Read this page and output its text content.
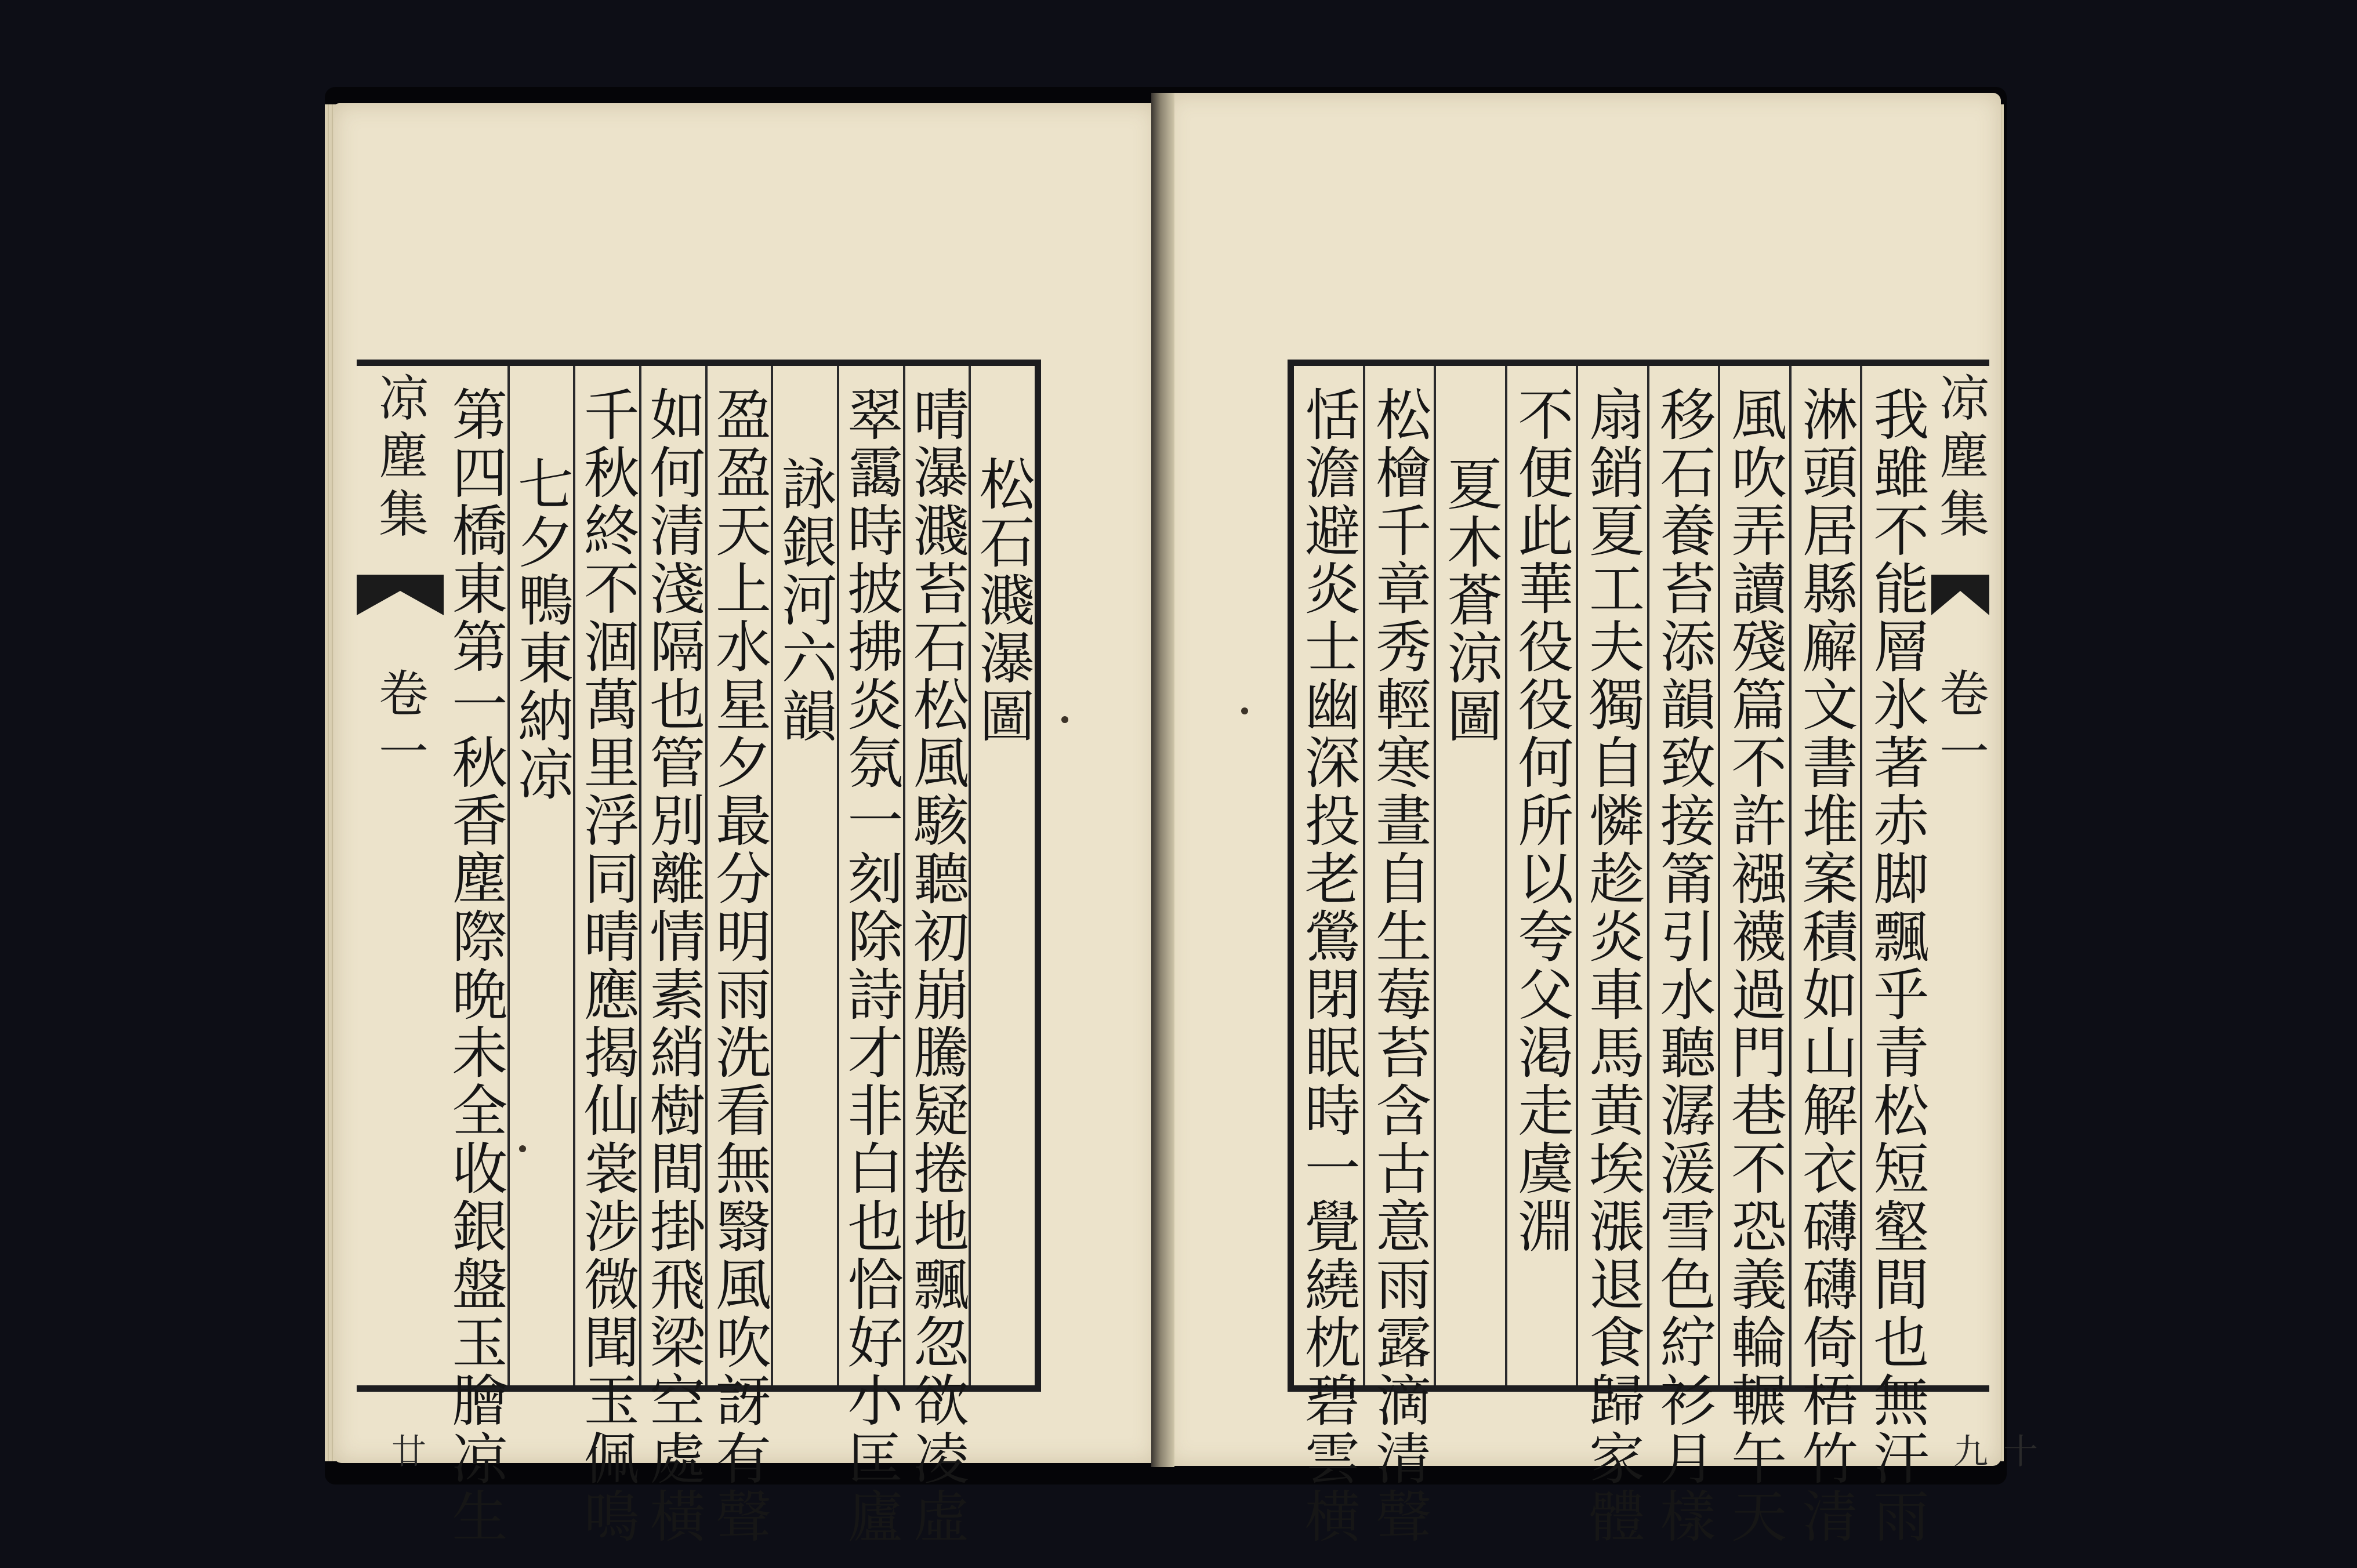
凉塵集
卷一
廿
松石濺瀑圖
晴瀑濺苔石松風駭聽初崩騰疑捲地飄忽欲凌虛
翠靄時披拂炎氛一刻除詩才非白也恰好小匡廬
詠銀河六韻
盈盈天上水星夕最分明雨洗看無翳風吹訝有聲
如何清淺隔也管別離情素綃樹間掛飛梁空處橫
千秋終不涸萬里浮同晴應揭仙裳涉微聞玉佩鳴
七夕鴨東納凉
第四橋東第一秋香塵際晩未全收銀盤玉膾凉生	我雖不能層氷著赤脚飄乎青松短壑間也無汗雨
淋頭居縣廨文書堆案積如山解衣礴礴倚梧竹清
風吹弄讀殘篇不許襁襪過門巷不恐義輪輾午天
移石養苔添韻致接筩引水聽潺湲雪色紵衫月樣
扇銷夏工夫獨自憐趁炎車馬黄埃漲退食歸家體
不便此華役役何所以夸父渇走虞淵
夏木蒼涼圖
松檜千章秀輕寒晝自生莓苔含古意雨露滴清聲
恬澹避炎士幽深投老鶯閉眠時一覺繞枕碧雲横	凉塵集
卷一
十九
